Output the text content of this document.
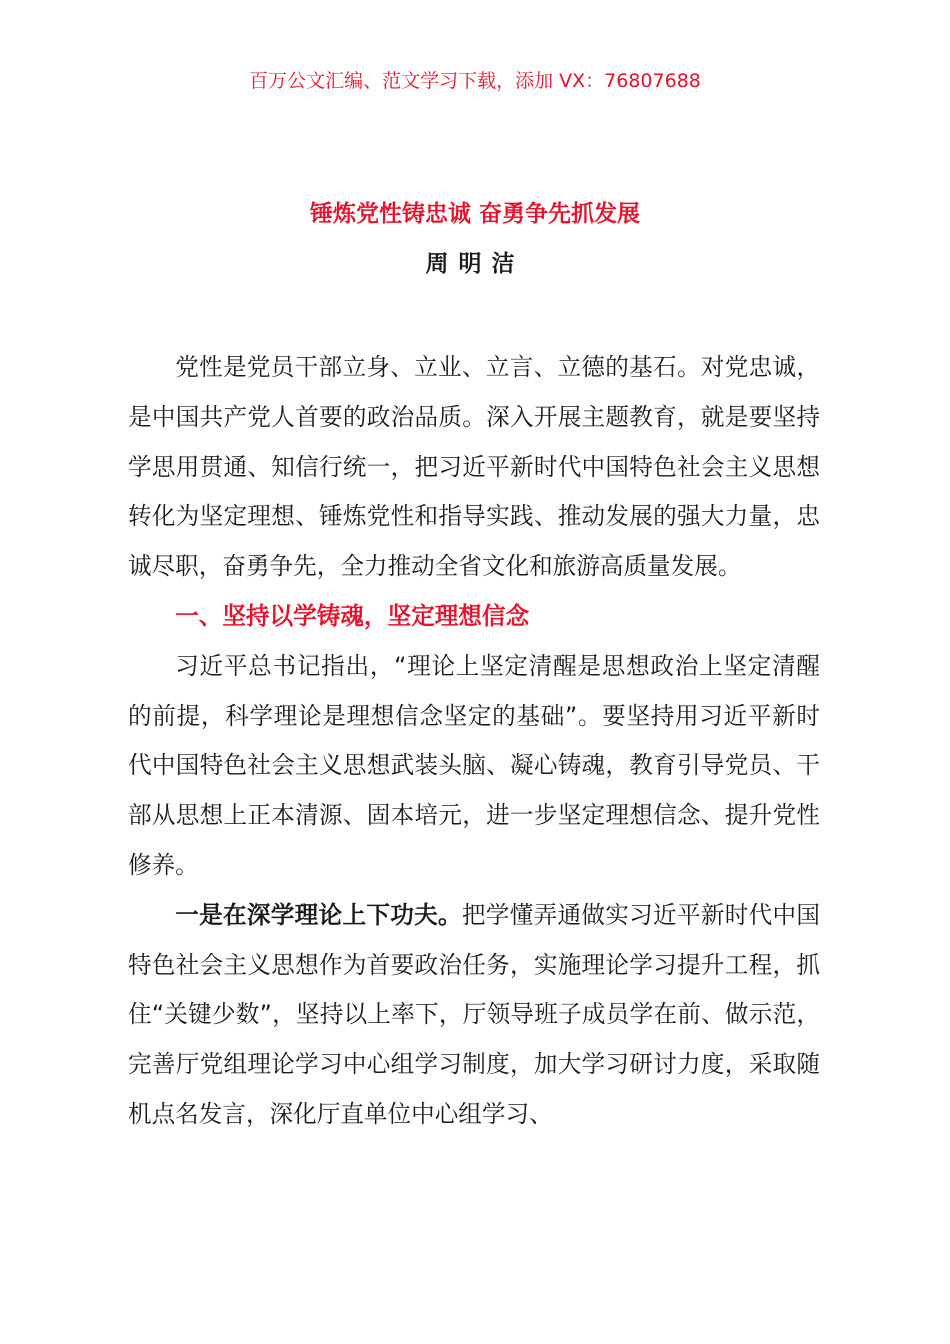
百万公文汇编、范文学习下载，添加 VX：76807688
锤炼党性铸忠诚 奋勇争先抓发展
周明洁

党性是党员干部立身、立业、立言、立德的基石。对党忠诚，是中国共产党人首要的政治品质。深入开展主题教育，就是要坚持学思用贯通、知信行统一，把习近平新时代中国特色社会主义思想转化为坚定理想、锤炼党性和指导实践、推动发展的强大力量，忠诚尽职，奋勇争先，全力推动全省文化和旅游高质量发展。

一、坚持以学铸魂，坚定理想信念

习近平总书记指出，“理论上坚定清醒是思想政治上坚定清醒的前提，科学理论是理想信念坚定的基础”。要坚持用习近平新时代中国特色社会主义思想武装头脑、凝心铸魂，教育引导党员、干部从思想上正本清源、固本培元，进一步坚定理想信念、提升党性修养。

一是在深学理论上下功夫。把学懂弄通做实习近平新时代中国特色社会主义思想作为首要政治任务，实施理论学习提升工程，抓住“关键少数”，坚持以上率下，厅领导班子成员学在前、做示范，完善厅党组理论学习中心组学习制度，加大学习研讨力度，采取随机点名发言，深化厅直单位中心组学习、
